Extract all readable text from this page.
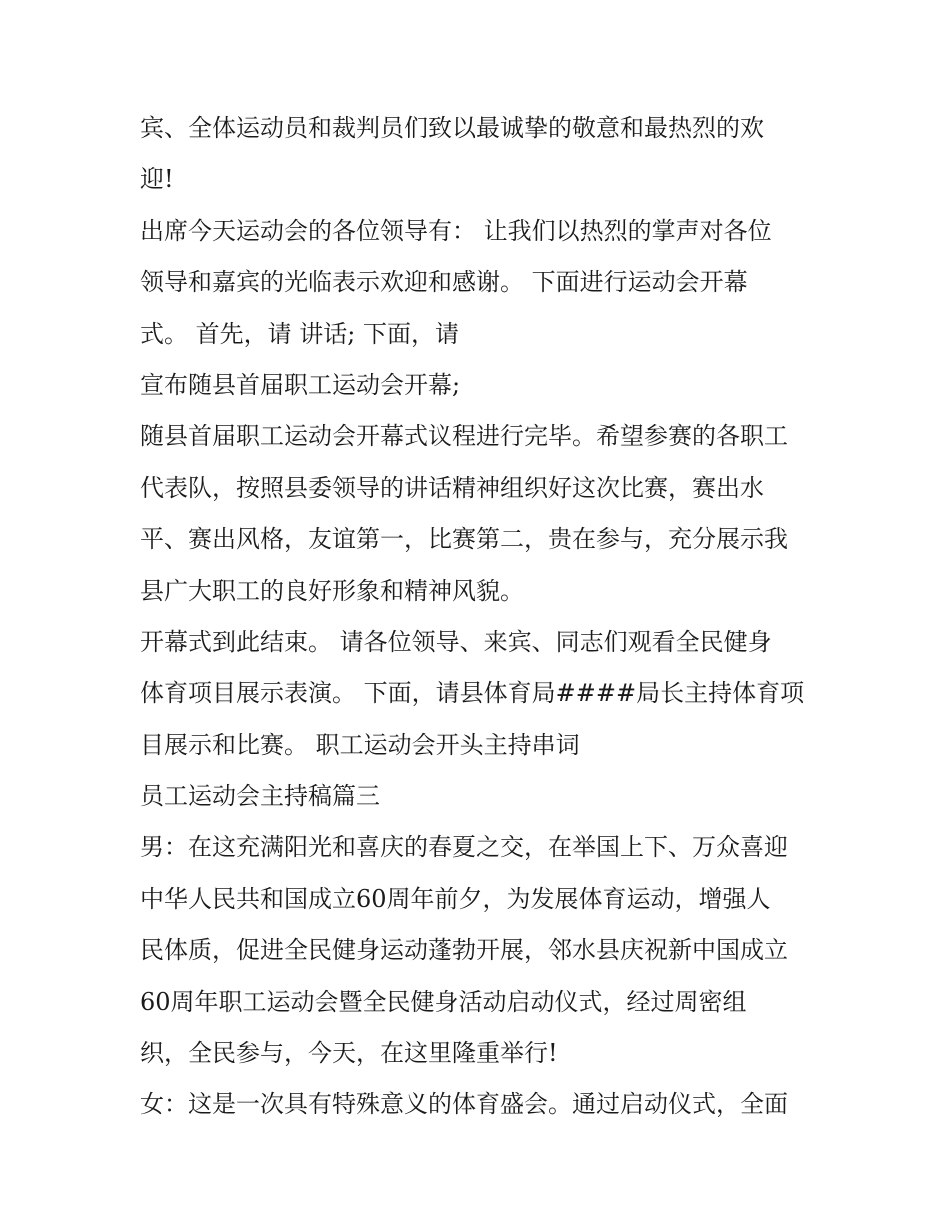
宾、全体运动员和裁判员们致以最诚挚的敬意和最热烈的欢
迎!
出席今天运动会的各位领导有： 让我们以热烈的掌声对各位
领导和嘉宾的光临表示欢迎和感谢。 下面进行运动会开幕
式。 首先，请 讲话; 下面，请
宣布随县首届职工运动会开幕;
随县首届职工运动会开幕式议程进行完毕。希望参赛的各职工
代表队，按照县委领导的讲话精神组织好这次比赛，赛出水
平、赛出风格，友谊第一，比赛第二，贵在参与，充分展示我
县广大职工的良好形象和精神风貌。
开幕式到此结束。 请各位领导、来宾、同志们观看全民健身
体育项目展示表演。 下面，请县体育局####局长主持体育项
目展示和比赛。 职工运动会开头主持串词
员工运动会主持稿篇三
男：在这充满阳光和喜庆的春夏之交，在举国上下、万众喜迎
中华人民共和国成立60周年前夕，为发展体育运动，增强人
民体质，促进全民健身运动蓬勃开展，邻水县庆祝新中国成立
60周年职工运动会暨全民健身活动启动仪式，经过周密组
织，全民参与，今天，在这里隆重举行!
女：这是一次具有特殊意义的体育盛会。通过启动仪式，全面
